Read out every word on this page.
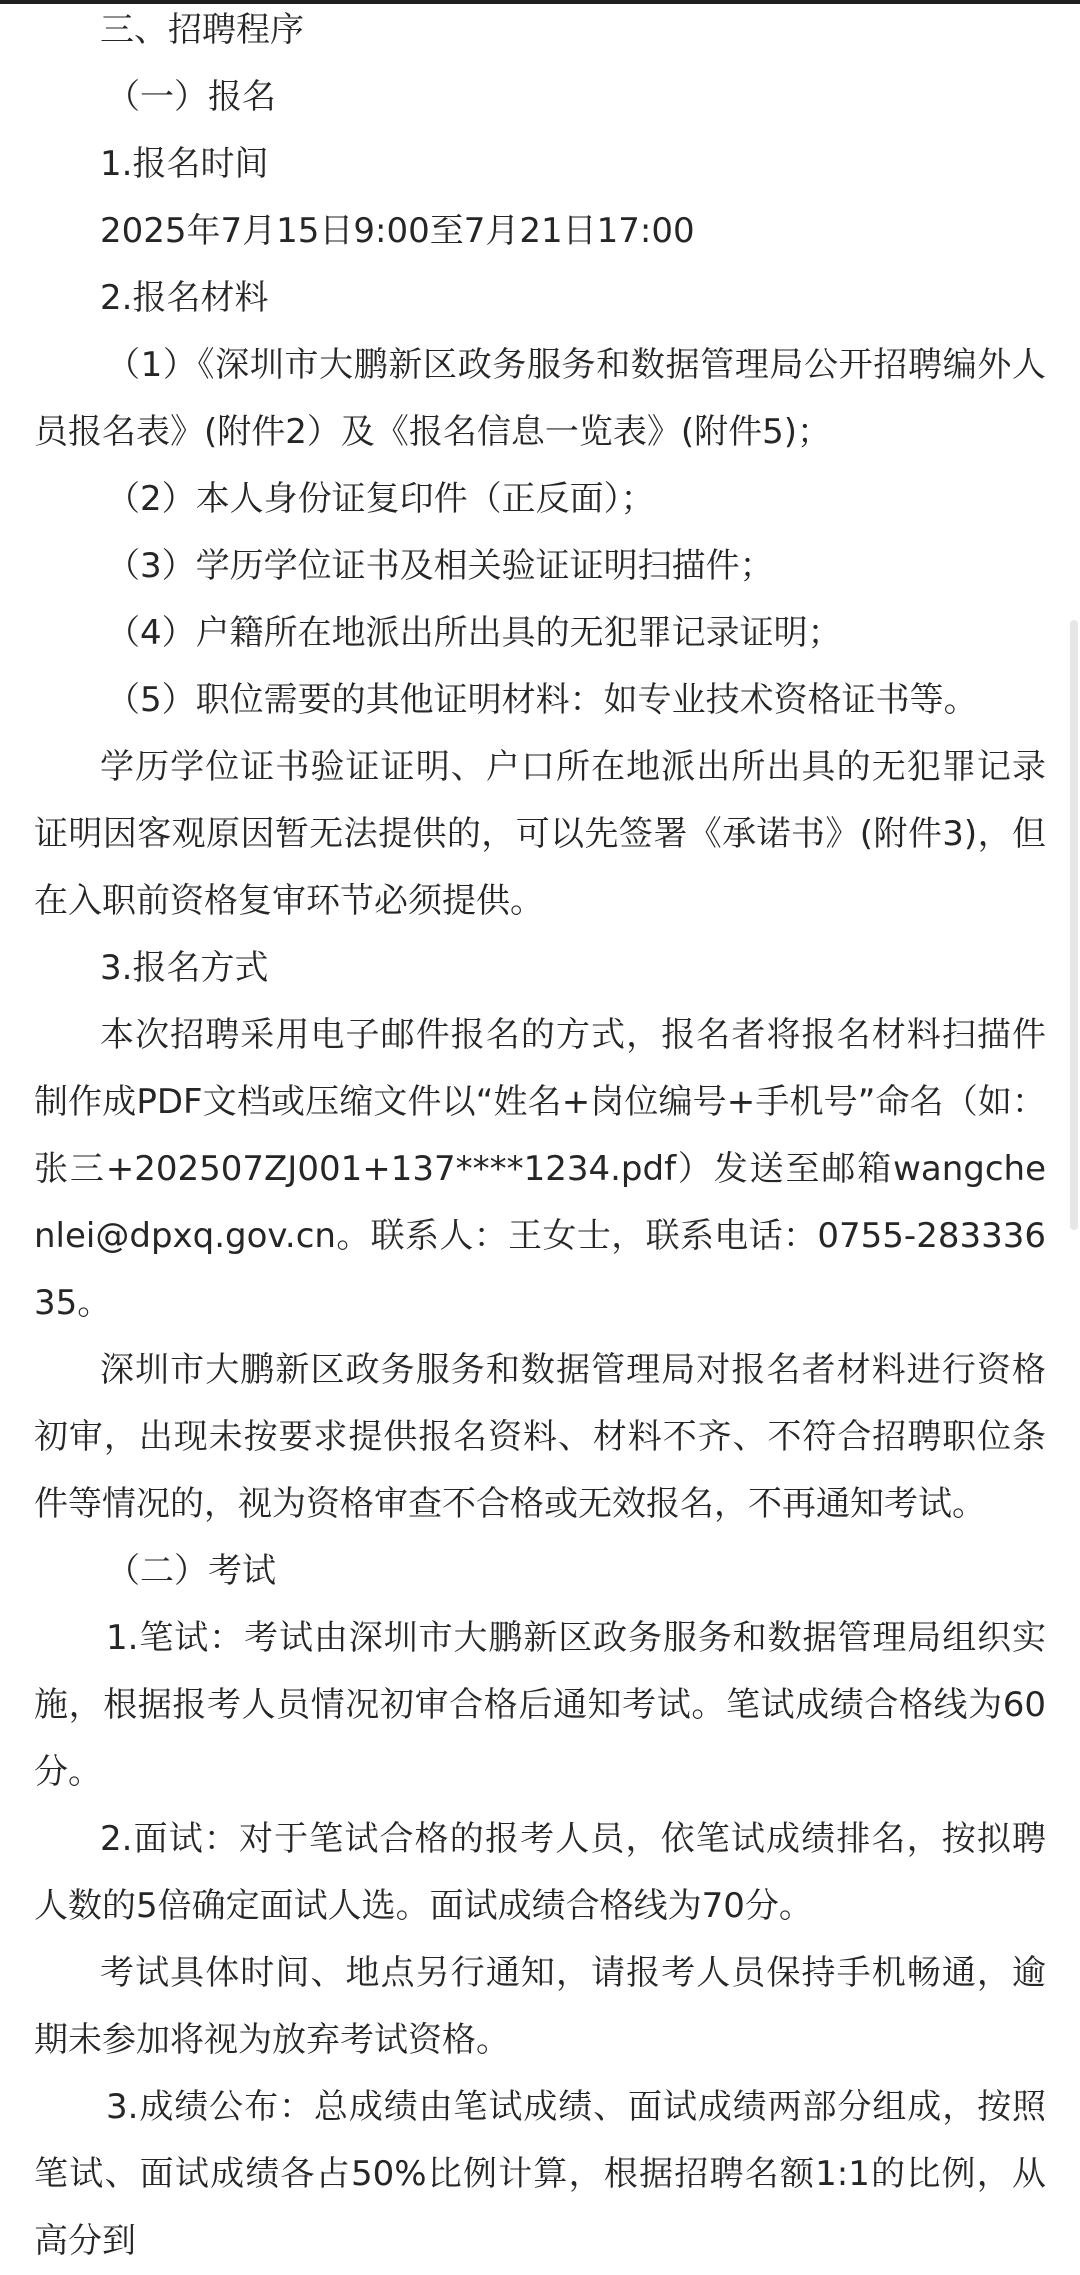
三、招聘程序

（一）报名

1.报名时间

2025年7月15日9:00至7月21日17:00

2.报名材料

（1）《深圳市大鹏新区政务服务和数据管理局公开招聘编外人员报名表》(附件2）及《报名信息一览表》(附件5)；

（2）本人身份证复印件（正反面）；

（3）学历学位证书及相关验证证明扫描件；

（4）户籍所在地派出所出具的无犯罪记录证明；

（5）职位需要的其他证明材料：如专业技术资格证书等。

学历学位证书验证证明、户口所在地派出所出具的无犯罪记录证明因客观原因暂无法提供的，可以先签署《承诺书》(附件3)，但在入职前资格复审环节必须提供。

3.报名方式

本次招聘采用电子邮件报名的方式，报名者将报名材料扫描件制作成PDF文档或压缩文件以“姓名+岗位编号+手机号”命名（如：张三+202507ZJ001+137****1234.pdf）发送至邮箱wangchenlei@dpxq.gov.cn。联系人：王女士，联系电话：0755-28333635。

深圳市大鹏新区政务服务和数据管理局对报名者材料进行资格初审，出现未按要求提供报名资料、材料不齐、不符合招聘职位条件等情况的，视为资格审查不合格或无效报名，不再通知考试。

（二）考试

1.笔试：考试由深圳市大鹏新区政务服务和数据管理局组织实施，根据报考人员情况初审合格后通知考试。笔试成绩合格线为60分。

2.面试：对于笔试合格的报考人员，依笔试成绩排名，按拟聘人数的5倍确定面试人选。面试成绩合格线为70分。

考试具体时间、地点另行通知，请报考人员保持手机畅通，逾期未参加将视为放弃考试资格。

3.成绩公布：总成绩由笔试成绩、面试成绩两部分组成，按照笔试、面试成绩各占50%比例计算，根据招聘名额1:1的比例，从高分到
